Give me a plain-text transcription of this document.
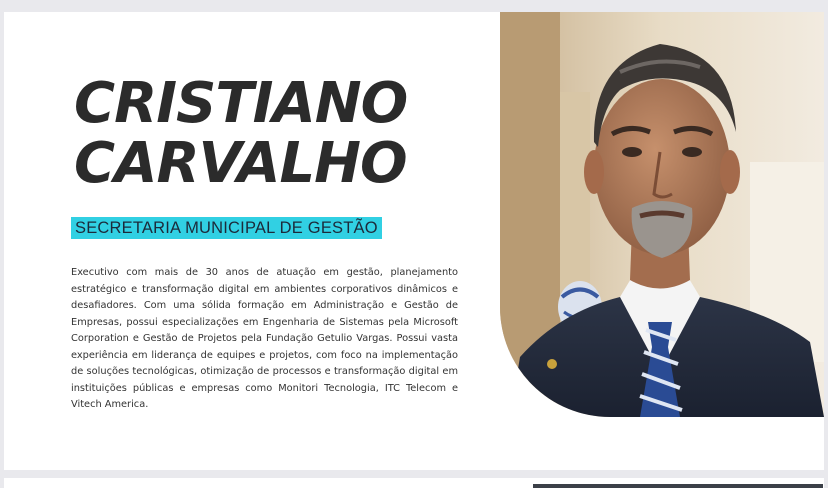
CRISTIANO
CARVALHO
SECRETARIA MUNICIPAL DE GESTÃO

Executivo com mais de 30 anos de atuação em gestão, planejamento estratégico e transformação digital em ambientes corporativos dinâmicos e desafiadores. Com uma sólida formação em Administração e Gestão de Empresas, possui especializações em Engenharia de Sistemas pela Microsoft Corporation e Gestão de Projetos pela Fundação Getulio Vargas. Possui vasta experiência em liderança de equipes e projetos, com foco na implementação de soluções tecnológicas, otimização de processos e transformação digital em instituições públicas e empresas como Monitori Tecnologia, ITC Telecom e Vitech America.
